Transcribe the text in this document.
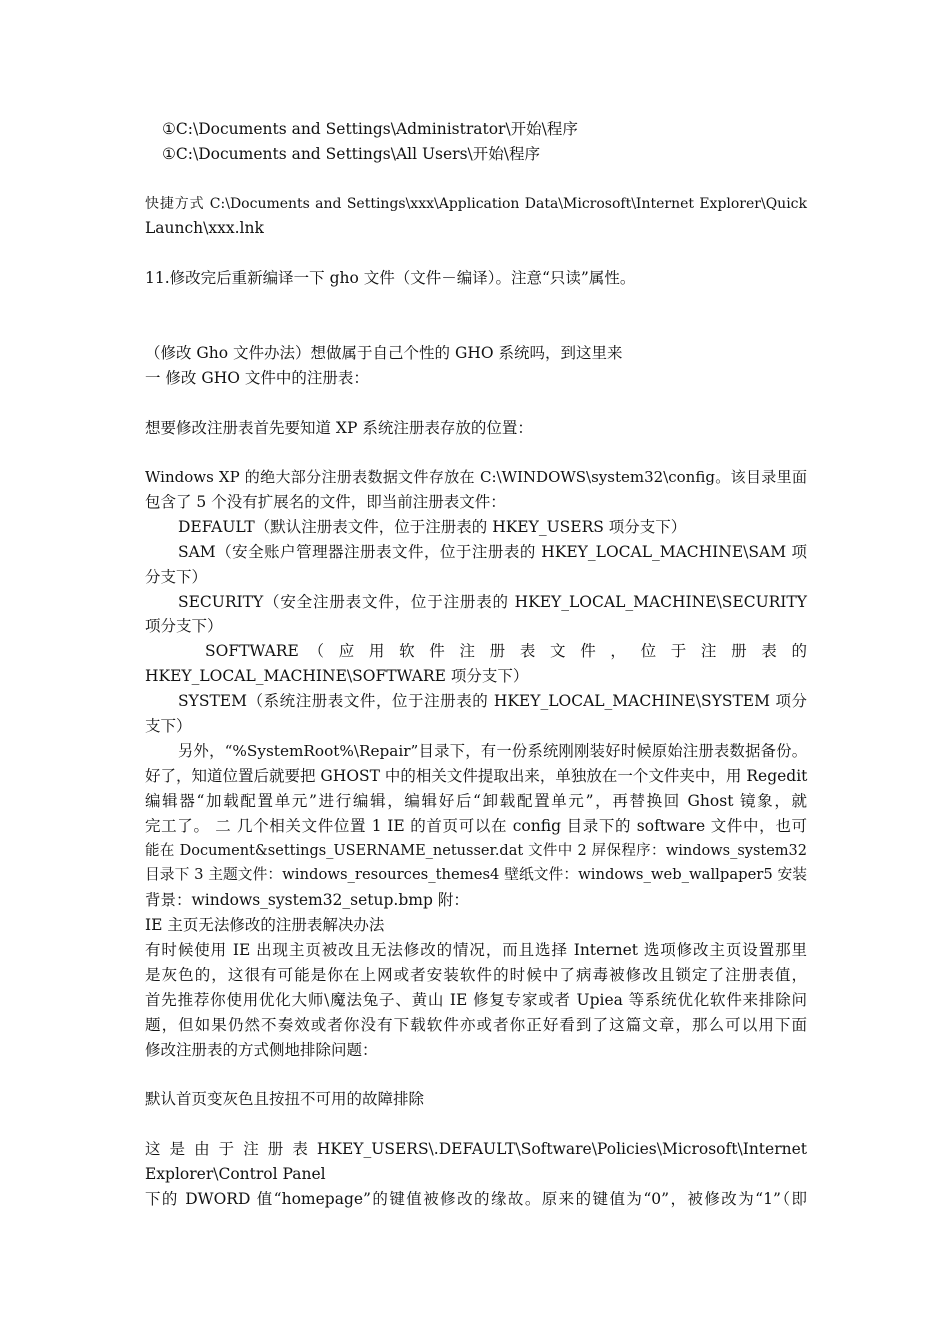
①C:\Documents and Settings\Administrator\开始\程序
①C:\Documents and Settings\All Users\开始\程序
快捷方式 C:\Documents and Settings\xxx\Application Data\Microsoft\Internet Explorer\Quick
Launch\xxx.lnk
11.修改完后重新编译一下 gho 文件（文件－编译）。注意“只读”属性。
（修改 Gho 文件办法）想做属于自己个性的 GHO 系统吗，到这里来
一 修改 GHO 文件中的注册表：
想要修改注册表首先要知道 XP 系统注册表存放的位置：
Windows XP 的绝大部分注册表数据文件存放在 C:\WINDOWS\system32\config。该目录里面
包含了 5 个没有扩展名的文件，即当前注册表文件：
DEFAULT（默认注册表文件，位于注册表的 HKEY_USERS 项分支下）
SAM（安全账户管理器注册表文件，位于注册表的 HKEY_LOCAL_MACHINE\SAM 项
分支下）
SECURITY（安全注册表文件，位于注册表的 HKEY_LOCAL_MACHINE\SECURITY
项分支下）
SOFTWARE （ 应 用 软 件 注 册 表 文 件 ， 位 于 注 册 表 的
HKEY_LOCAL_MACHINE\SOFTWARE 项分支下）
SYSTEM（系统注册表文件，位于注册表的 HKEY_LOCAL_MACHINE\SYSTEM 项分
支下）
另外，“%SystemRoot%\Repair”目录下，有一份系统刚刚装好时候原始注册表数据备份。
好了，知道位置后就要把 GHOST 中的相关文件提取出来，单独放在一个文件夹中，用 Regedit
编辑器“加载配置单元”进行编辑，编辑好后“卸载配置单元”，再替换回 Ghost 镜象，就
完工了。 二 几个相关文件位置 1 IE 的首页可以在 config 目录下的 software 文件中，也可
能在 Document&settings_USERNAME_netusser.dat 文件中 2 屏保程序：windows_system32
目录下 3 主题文件：windows_resources_themes4 壁纸文件：windows_web_wallpaper5 安装
背景：windows_system32_setup.bmp 附：
IE 主页无法修改的注册表解决办法
有时候使用 IE 出现主页被改且无法修改的情况，而且选择 Internet 选项修改主页设置那里
是灰色的，这很有可能是你在上网或者安装软件的时候中了病毒被修改且锁定了注册表值，
首先推荐你使用优化大师\魔法兔子、黄山 IE 修复专家或者 Upiea 等系统优化软件来排除问
题，但如果仍然不奏效或者你没有下载软件亦或者你正好看到了这篇文章，那么可以用下面
修改注册表的方式侧地排除问题：
默认首页变灰色且按扭不可用的故障排除
这 是 由 于 注 册 表 HKEY_USERS\.DEFAULT\Software\Policies\Microsoft\Internet
Explorer\Control Panel
下的 DWORD 值“homepage”的键值被修改的缘故。原来的键值为“0”，被修改为“1”（即
